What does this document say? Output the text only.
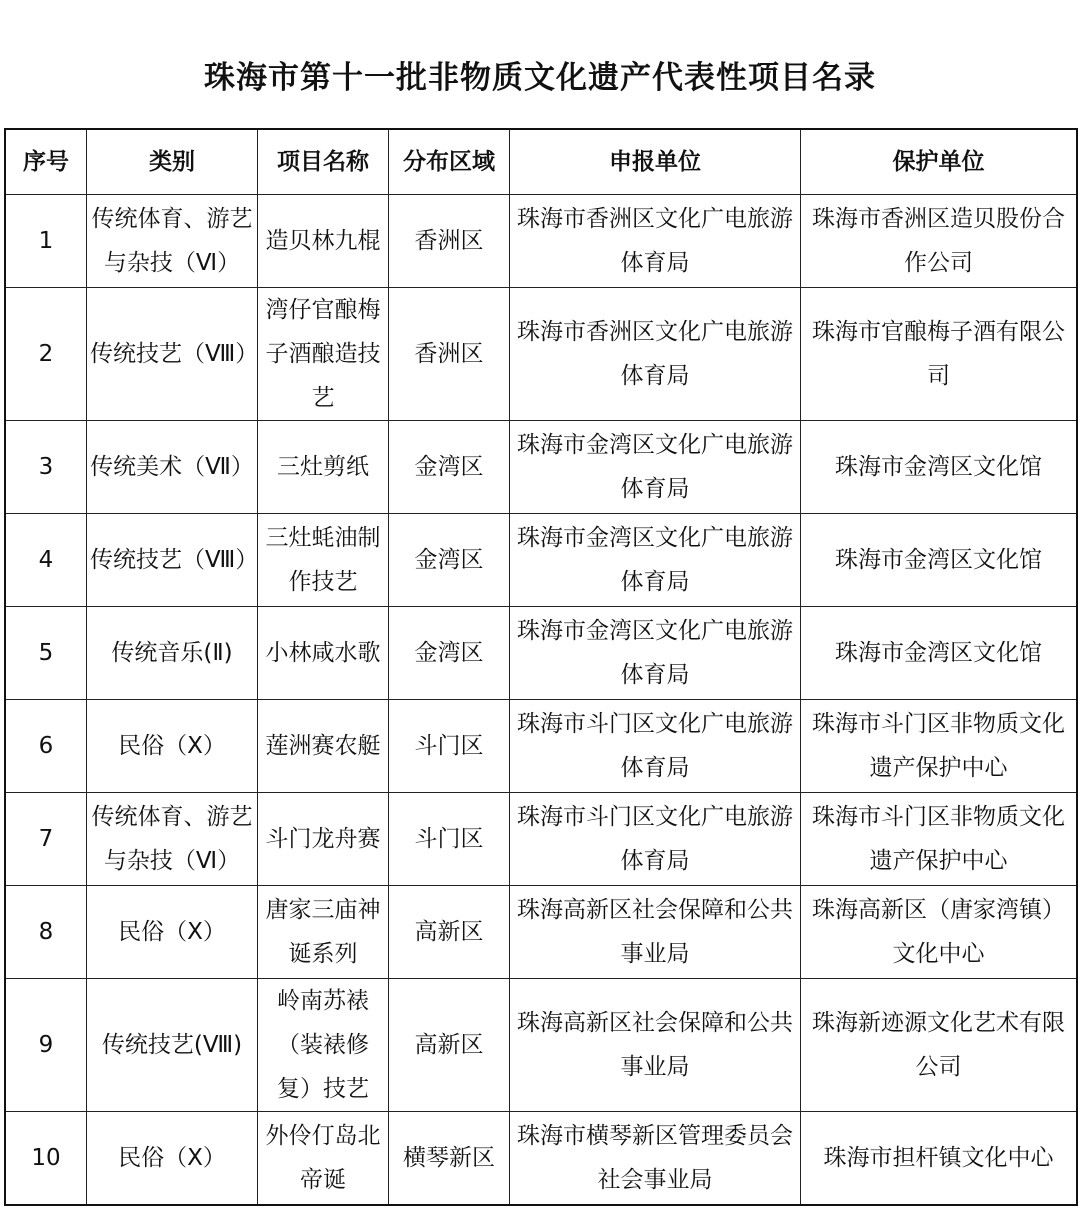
珠海市第十一批非物质文化遗产代表性项目名录
序号	类别	项目名称	分布区域	申报单位	保护单位
1	传统体育、游艺与杂技（Ⅵ）	造贝林九棍	香洲区	珠海市香洲区文化广电旅游体育局	珠海市香洲区造贝股份合作公司
2	传统技艺（Ⅷ）	湾仔官酿梅子酒酿造技艺	香洲区	珠海市香洲区文化广电旅游体育局	珠海市官酿梅子酒有限公司
3	传统美术（Ⅶ）	三灶剪纸	金湾区	珠海市金湾区文化广电旅游体育局	珠海市金湾区文化馆
4	传统技艺（Ⅷ）	三灶蚝油制作技艺	金湾区	珠海市金湾区文化广电旅游体育局	珠海市金湾区文化馆
5	传统音乐(Ⅱ)	小林咸水歌	金湾区	珠海市金湾区文化广电旅游体育局	珠海市金湾区文化馆
6	民俗（Ⅹ）	莲洲赛农艇	斗门区	珠海市斗门区文化广电旅游体育局	珠海市斗门区非物质文化遗产保护中心
7	传统体育、游艺与杂技（Ⅵ）	斗门龙舟赛	斗门区	珠海市斗门区文化广电旅游体育局	珠海市斗门区非物质文化遗产保护中心
8	民俗（Ⅹ）	唐家三庙神诞系列	高新区	珠海高新区社会保障和公共事业局	珠海高新区（唐家湾镇）文化中心
9	传统技艺(Ⅷ)	岭南苏裱（装裱修复）技艺	高新区	珠海高新区社会保障和公共事业局	珠海新迹源文化艺术有限公司
10	民俗（Ⅹ）	外伶仃岛北帝诞	横琴新区	珠海市横琴新区管理委员会社会事业局	珠海市担杆镇文化中心
